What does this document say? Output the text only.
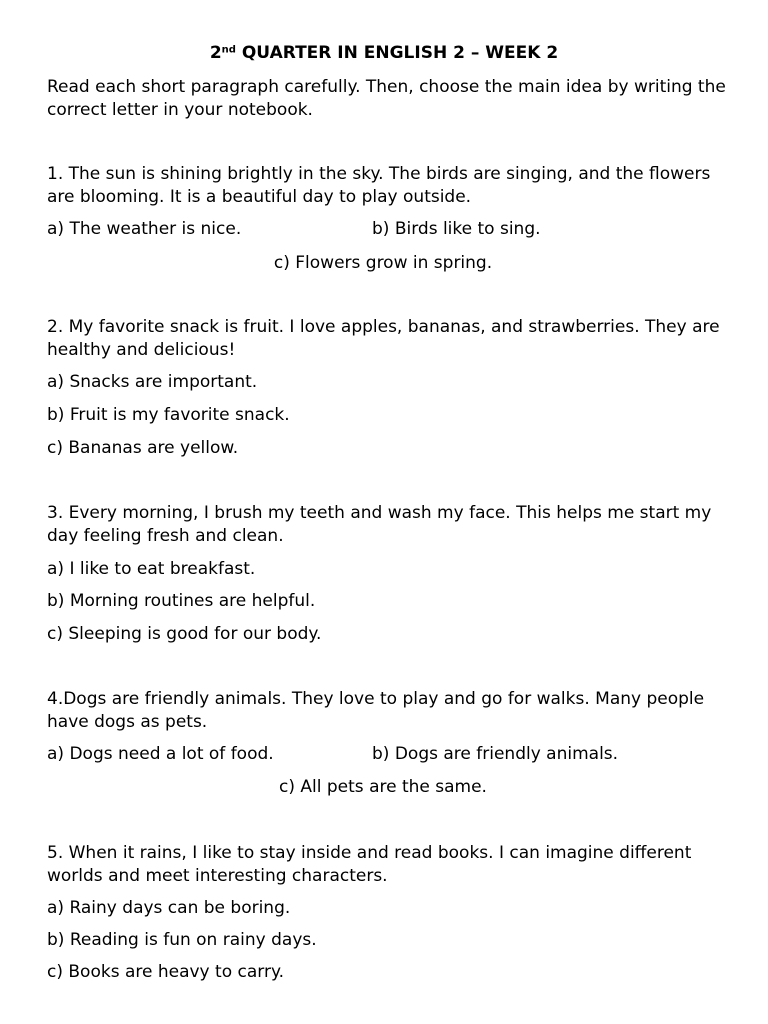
2nd QUARTER IN ENGLISH 2 – WEEK 2
Read each short paragraph carefully. Then, choose the main idea by writing the correct letter in your notebook.

1. The sun is shining brightly in the sky. The birds are singing, and the flowers are blooming. It is a beautiful day to play outside.

a) The weather is nice.	b) Birds like to sing.
c) Flowers grow in spring.

2. My favorite snack is fruit. I love apples, bananas, and strawberries. They are healthy and delicious!

a) Snacks are important.
b) Fruit is my favorite snack.
c) Bananas are yellow.

3. Every morning, I brush my teeth and wash my face. This helps me start my day feeling fresh and clean.

a) I like to eat breakfast.
b) Morning routines are helpful.
c) Sleeping is good for our body.

4.Dogs are friendly animals. They love to play and go for walks. Many people have dogs as pets.

a) Dogs need a lot of food.	b) Dogs are friendly animals.
c) All pets are the same.

5. When it rains, I like to stay inside and read books. I can imagine different worlds and meet interesting characters.

a) Rainy days can be boring.
b) Reading is fun on rainy days.
c) Books are heavy to carry.
